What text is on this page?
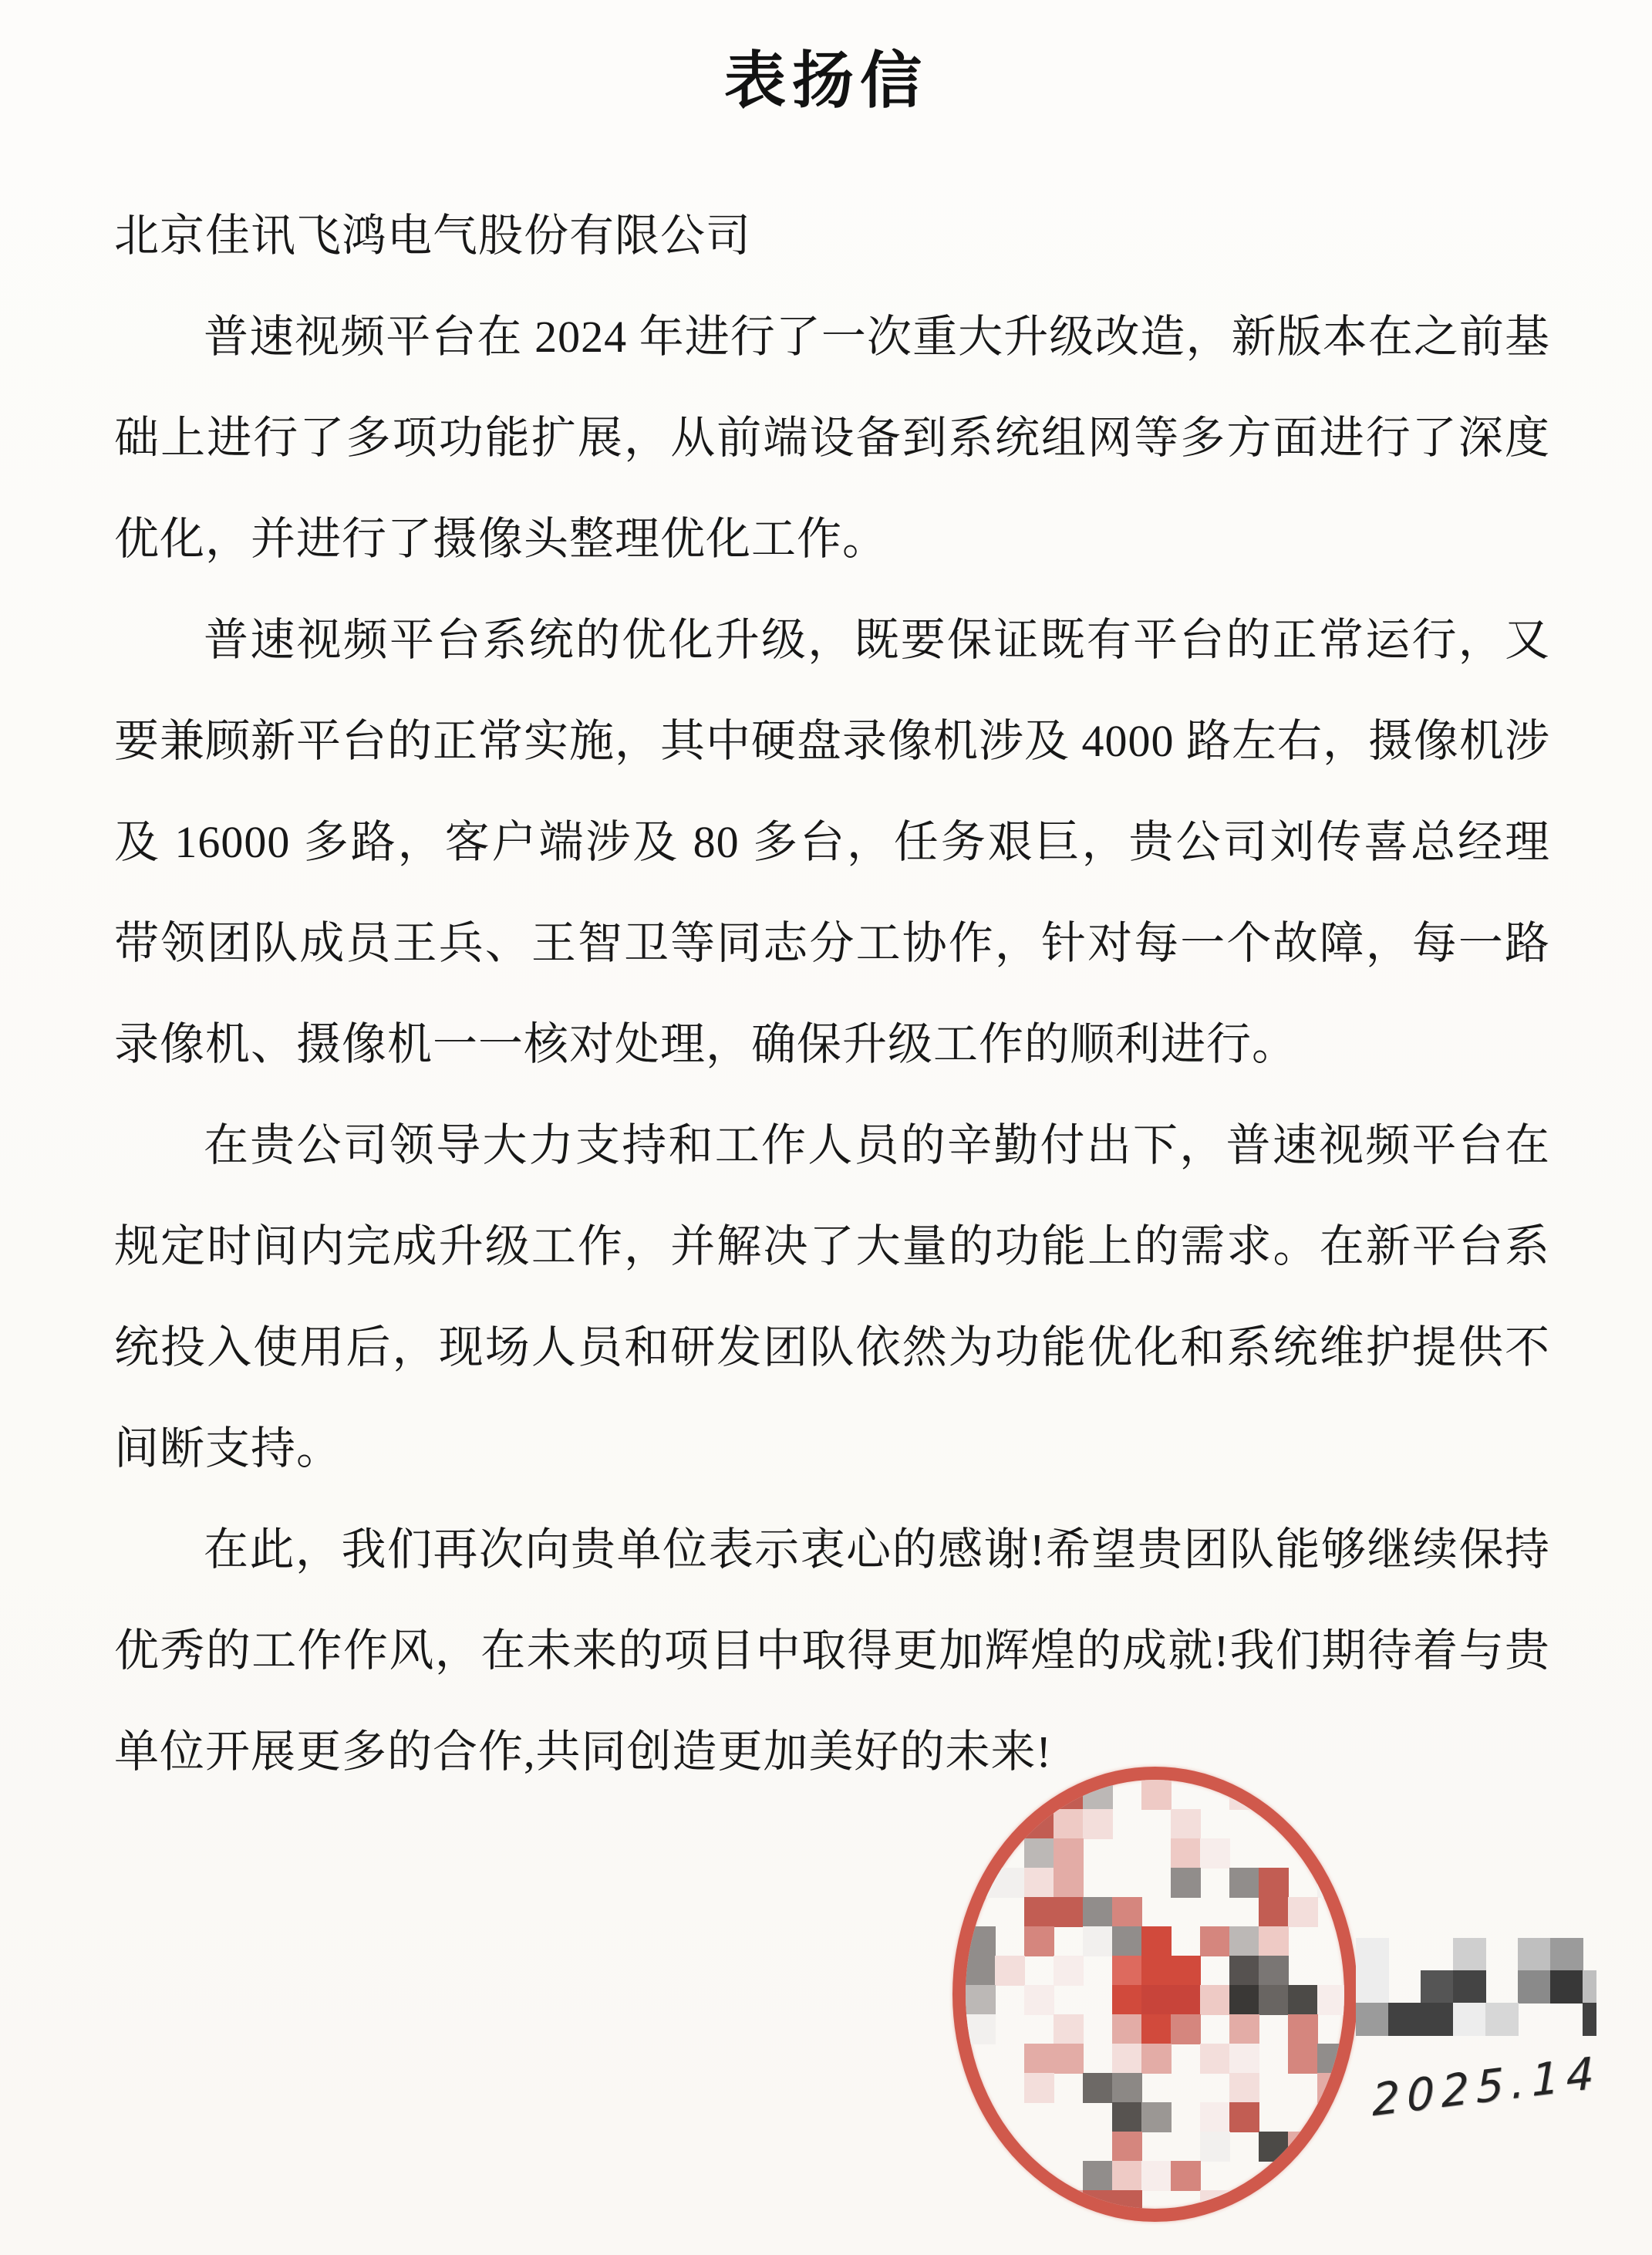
表扬信

北京佳讯飞鸿电气股份有限公司

普速视频平台在 2024 年进行了一次重大升级改造，新版本在之前基础上进行了多项功能扩展，从前端设备到系统组网等多方面进行了深度优化，并进行了摄像头整理优化工作。

普速视频平台系统的优化升级，既要保证既有平台的正常运行，又要兼顾新平台的正常实施，其中硬盘录像机涉及 4000 路左右，摄像机涉及 16000 多路，客户端涉及 80 多台，任务艰巨，贵公司刘传喜总经理带领团队成员王兵、王智卫等同志分工协作，针对每一个故障，每一路录像机、摄像机一一核对处理，确保升级工作的顺利进行。

在贵公司领导大力支持和工作人员的辛勤付出下，普速视频平台在规定时间内完成升级工作，并解决了大量的功能上的需求。在新平台系统投入使用后，现场人员和研发团队依然为功能优化和系统维护提供不间断支持。

在此，我们再次向贵单位表示衷心的感谢!希望贵团队能够继续保持优秀的工作作风，在未来的项目中取得更加辉煌的成就!我们期待着与贵单位开展更多的合作,共同创造更加美好的未来!

2025.14
